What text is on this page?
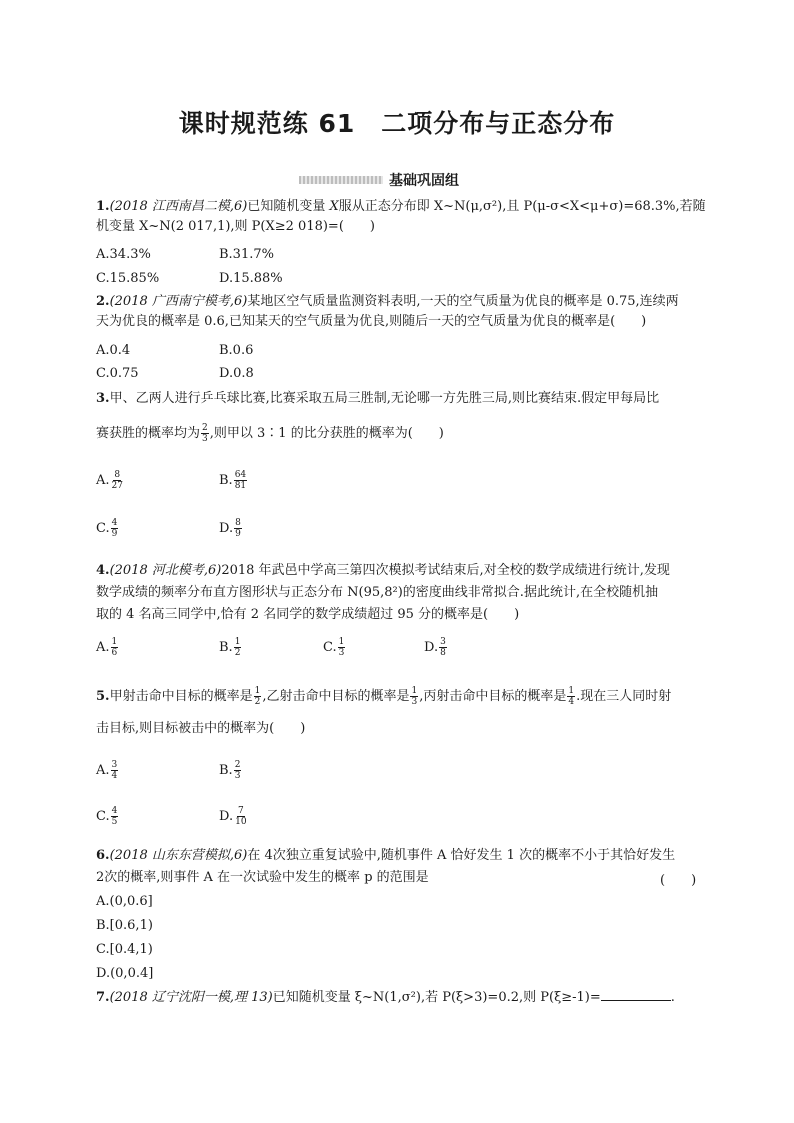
课时规范练 61　二项分布与正态分布
基础巩固组
1.(2018 江西南昌二模,6)已知随机变量 X服从正态分布即 X~N(μ,σ²),且 P(μ-σ<X<μ+σ)=68.3%,若随
机变量 X~N(2 017,1),则 P(X≥2 018)=(　　)
A.34.3%	B.31.7%
C.15.85%	D.15.88%
2.(2018 广西南宁模考,6)某地区空气质量监测资料表明,一天的空气质量为优良的概率是 0.75,连续两
天为优良的概率是 0.6,已知某天的空气质量为优良,则随后一天的空气质量为优良的概率是(　　)
A.0.4	B.0.6
C.0.75	D.0.8
3.甲、乙两人进行乒乓球比赛,比赛采取五局三胜制,无论哪一方先胜三局,则比赛结束.假定甲每局比
赛获胜的概率均为 $\frac{2}{3}$ ,则甲以 3∶1 的比分获胜的概率为(　　)
A. $\frac{8}{27}$	B. $\frac{64}{81}$
C. $\frac{4}{9}$	D. $\frac{8}{9}$
4.(2018 河北模考,6)2018 年武邑中学高三第四次模拟考试结束后,对全校的数学成绩进行统计,发现
数学成绩的频率分布直方图形状与正态分布 N(95,8²)的密度曲线非常拟合.据此统计,在全校随机抽
取的 4 名高三同学中,恰有 2 名同学的数学成绩超过 95 分的概率是(　　)
A. $\frac{1}{6}$	B. $\frac{1}{2}$	C. $\frac{1}{3}$	D. $\frac{3}{8}$
5.甲射击命中目标的概率是 $\frac{1}{2}$ ,乙射击命中目标的概率是 $\frac{1}{3}$ ,丙射击命中目标的概率是 $\frac{1}{4}$ .现在三人同时射
击目标,则目标被击中的概率为(　　)
A. $\frac{3}{4}$	B. $\frac{2}{3}$
C. $\frac{4}{5}$	D. $\frac{7}{10}$
6.(2018 山东东营模拟,6)在 4次独立重复试验中,随机事件 A 恰好发生 1 次的概率不小于其恰好发生
2次的概率,则事件 A 在一次试验中发生的概率 p 的范围是	(　　)
A.(0,0.6]
B.[0.6,1)
C.[0.4,1)
D.(0,0.4]
7.(2018 辽宁沈阳一模,理 13)已知随机变量 ξ~N(1,σ²),若 P(ξ>3)=0.2,则 P(ξ≥-1)=	.
